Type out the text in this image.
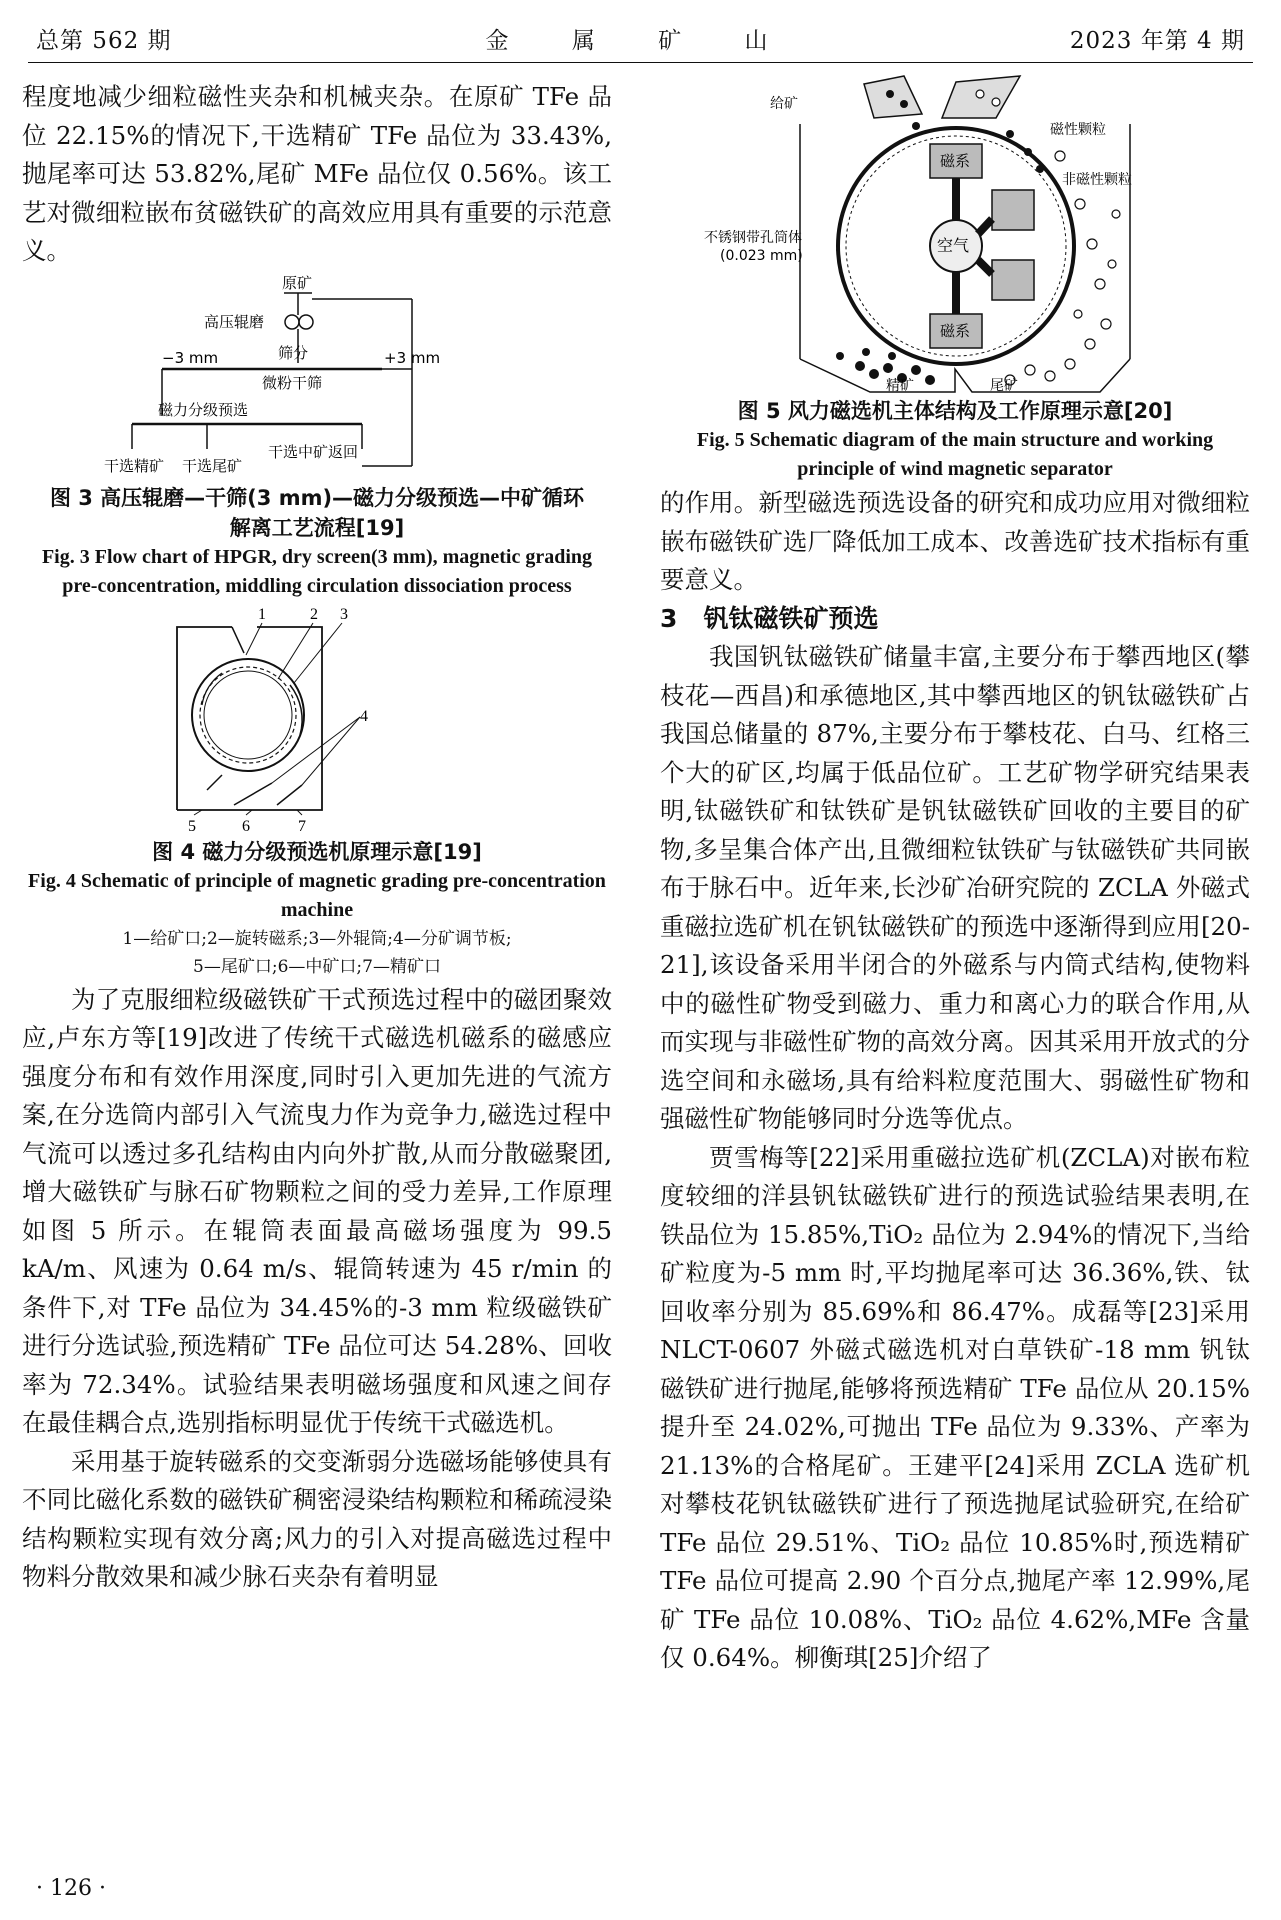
总第 562 期	金 属 矿 山	2023 年第 4 期

程度地减少细粒磁性夹杂和机械夹杂。在原矿 TFe 品位 22.15%的情况下,干选精矿 TFe 品位为 33.43%,抛尾率可达 53.82%,尾矿 MFe 品位仅 0.56%。该工艺对微细粒嵌布贫磁铁矿的高效应用具有重要的示范意义。

原矿
高压辊磨
筛分
−3 mm	+3 mm
微粉干筛
磁力分级预选
干选精矿 干选尾矿
干选中矿返回
图 3 高压辊磨—干筛(3 mm)—磁力分级预选—中矿循环
解离工艺流程[19]
Fig. 3 Flow chart of HPGR, dry screen(3 mm), magnetic grading pre-concentration, middling circulation dissociation process
1	2 3
4
5	6	7
图 4 磁力分级预选机原理示意[19]
Fig. 4 Schematic of principle of magnetic grading pre-concentration machine
1—给矿口;2—旋转磁系;3—外辊筒;4—分矿调节板;
5—尾矿口;6—中矿口;7—精矿口

为了克服细粒级磁铁矿干式预选过程中的磁团聚效应,卢东方等[19]改进了传统干式磁选机磁系的磁感应强度分布和有效作用深度,同时引入更加先进的气流方案,在分选筒内部引入气流曳力作为竞争力,磁选过程中气流可以透过多孔结构由内向外扩散,从而分散磁聚团,增大磁铁矿与脉石矿物颗粒之间的受力差异,工作原理如图 5 所示。在辊筒表面最高磁场强度为 99.5 kA/m、风速为 0.64 m/s、辊筒转速为 45 r/min 的条件下,对 TFe 品位为 34.45%的-3 mm 粒级磁铁矿进行分选试验,预选精矿 TFe 品位可达 54.28%、回收率为 72.34%。试验结果表明磁场强度和风速之间存在最佳耦合点,选别指标明显优于传统干式磁选机。

采用基于旋转磁系的交变渐弱分选磁场能够使具有不同比磁化系数的磁铁矿稠密浸染结构颗粒和稀疏浸染结构颗粒实现有效分离;风力的引入对提高磁选过程中物料分散效果和减少脉石夹杂有着明显

给矿
磁性颗粒
非磁性颗粒
不锈钢带孔筒体
(0.023 mm)
空气
磁系
磁系
精矿	尾矿
图 5 风力磁选机主体结构及工作原理示意[20]
Fig. 5 Schematic diagram of the main structure and working principle of wind magnetic separator

的作用。新型磁选预选设备的研究和成功应用对微细粒嵌布磁铁矿选厂降低加工成本、改善选矿技术指标有重要意义。

3 钒钛磁铁矿预选

我国钒钛磁铁矿储量丰富,主要分布于攀西地区(攀枝花—西昌)和承德地区,其中攀西地区的钒钛磁铁矿占我国总储量的 87%,主要分布于攀枝花、白马、红格三个大的矿区,均属于低品位矿。工艺矿物学研究结果表明,钛磁铁矿和钛铁矿是钒钛磁铁矿回收的主要目的矿物,多呈集合体产出,且微细粒钛铁矿与钛磁铁矿共同嵌布于脉石中。近年来,长沙矿冶研究院的 ZCLA 外磁式重磁拉选矿机在钒钛磁铁矿的预选中逐渐得到应用[20-21],该设备采用半闭合的外磁系与内筒式结构,使物料中的磁性矿物受到磁力、重力和离心力的联合作用,从而实现与非磁性矿物的高效分离。因其采用开放式的分选空间和永磁场,具有给料粒度范围大、弱磁性矿物和强磁性矿物能够同时分选等优点。

贾雪梅等[22]采用重磁拉选矿机(ZCLA)对嵌布粒度较细的洋县钒钛磁铁矿进行的预选试验结果表明,在铁品位为 15.85%,TiO₂ 品位为 2.94%的情况下,当给矿粒度为-5 mm 时,平均抛尾率可达 36.36%,铁、钛回收率分别为 85.69%和 86.47%。成磊等[23]采用 NLCT-0607 外磁式磁选机对白草铁矿-18 mm 钒钛磁铁矿进行抛尾,能够将预选精矿 TFe 品位从 20.15%提升至 24.02%,可抛出 TFe 品位为 9.33%、产率为 21.13%的合格尾矿。王建平[24]采用 ZCLA 选矿机对攀枝花钒钛磁铁矿进行了预选抛尾试验研究,在给矿 TFe 品位 29.51%、TiO₂ 品位 10.85%时,预选精矿 TFe 品位可提高 2.90 个百分点,抛尾产率 12.99%,尾矿 TFe 品位 10.08%、TiO₂ 品位 4.62%,MFe 含量仅 0.64%。柳衡琪[25]介绍了

· 126 ·
